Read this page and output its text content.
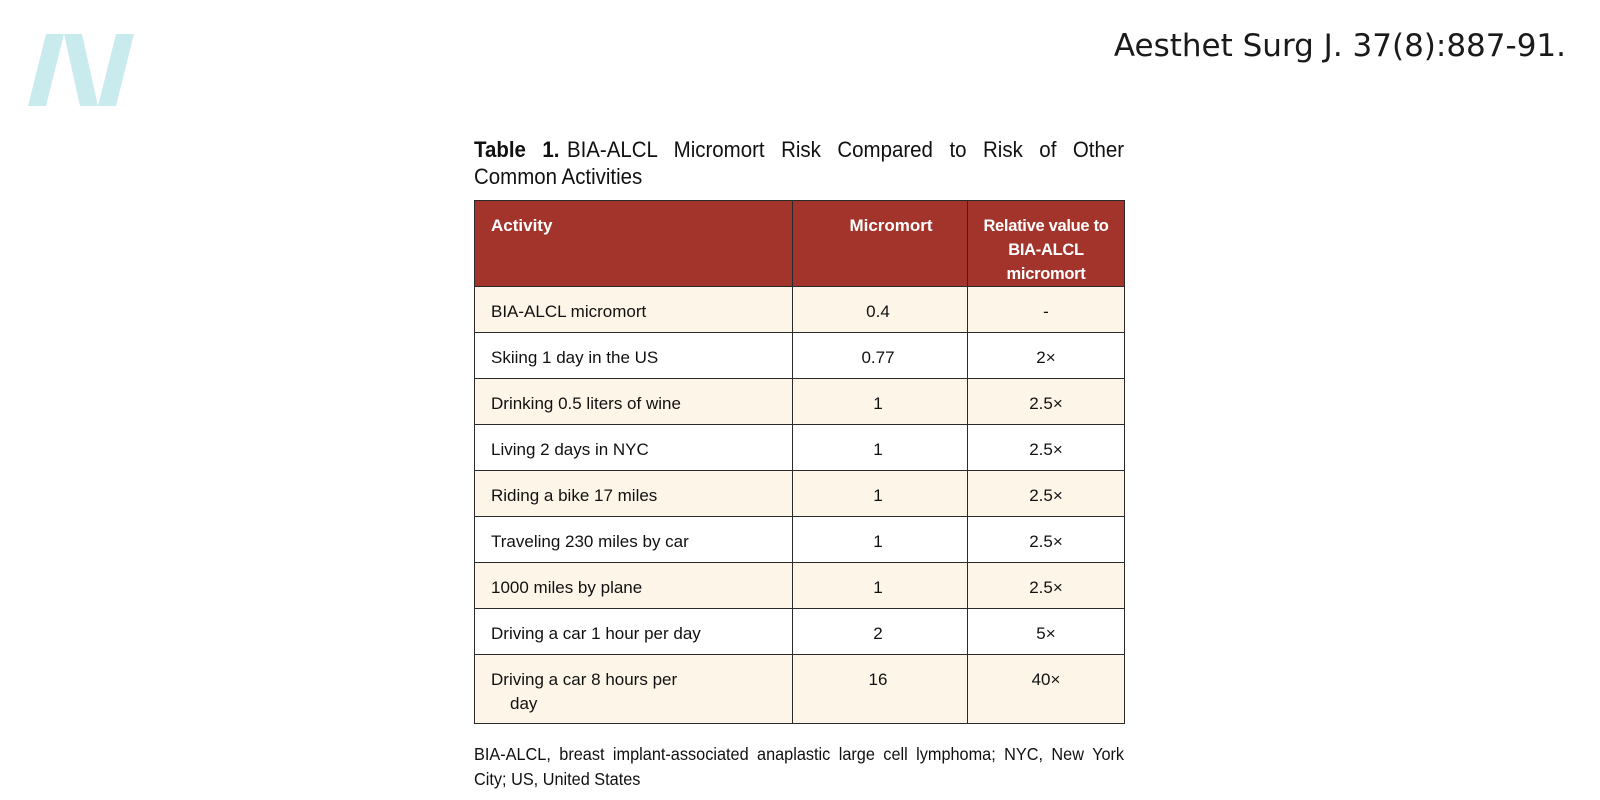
Aesthet Surg J. 37(8):887-91.
Table 1. BIA-ALCL Micromort Risk Compared to Risk of Other Common Activities
Activity	Micromort	Relative value to BIA-ALCL micromort
BIA-ALCL micromort	0.4	-
Skiing 1 day in the US	0.77	2×
Drinking 0.5 liters of wine	1	2.5×
Living 2 days in NYC	1	2.5×
Riding a bike 17 miles	1	2.5×
Traveling 230 miles by car	1	2.5×
1000 miles by plane	1	2.5×
Driving a car 1 hour per day	2	5×
Driving a car 8 hours per
day	16	40×
BIA-ALCL, breast implant-associated anaplastic large cell lymphoma; NYC, New York City; US, United States
